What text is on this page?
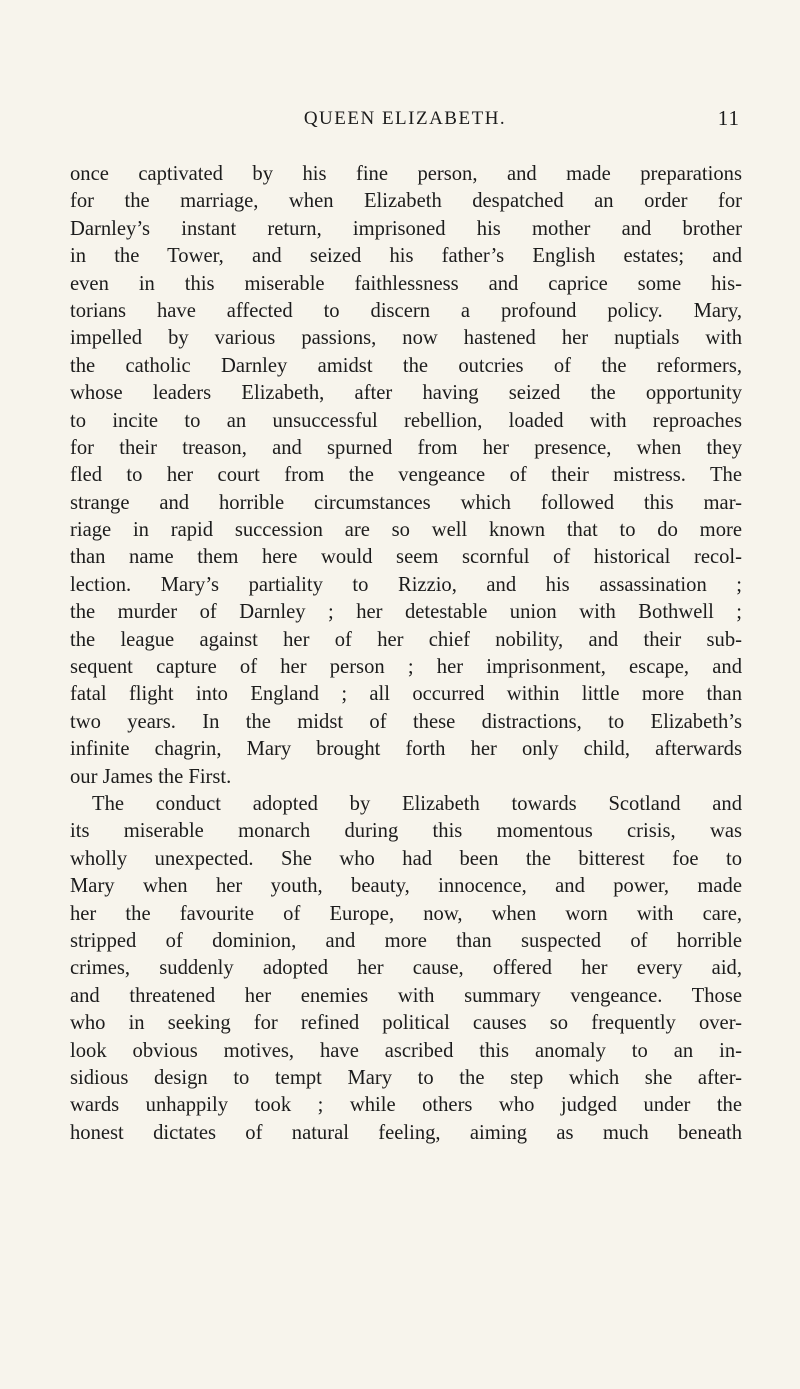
QUEEN ELIZABETH.	11
once captivated by his fine person, and made preparations
for the marriage, when Elizabeth despatched an order for
Darnley’s instant return, imprisoned his mother and brother
in the Tower, and seized his father’s English estates; and
even in this miserable faithlessness and caprice some his-
torians have affected to discern a profound policy. Mary,
impelled by various passions, now hastened her nuptials with
the catholic Darnley amidst the outcries of the reformers,
whose leaders Elizabeth, after having seized the opportunity
to incite to an unsuccessful rebellion, loaded with reproaches
for their treason, and spurned from her presence, when they
fled to her court from the vengeance of their mistress. The
strange and horrible circumstances which followed this mar-
riage in rapid succession are so well known that to do more
than name them here would seem scornful of historical recol-
lection. Mary’s partiality to Rizzio, and his assassination ;
the murder of Darnley ; her detestable union with Bothwell ;
the league against her of her chief nobility, and their sub-
sequent capture of her person ; her imprisonment, escape, and
fatal flight into England ; all occurred within little more than
two years. In the midst of these distractions, to Elizabeth’s
infinite chagrin, Mary brought forth her only child, afterwards
our James the First.
The conduct adopted by Elizabeth towards Scotland and
its miserable monarch during this momentous crisis, was
wholly unexpected. She who had been the bitterest foe to
Mary when her youth, beauty, innocence, and power, made
her the favourite of Europe, now, when worn with care,
stripped of dominion, and more than suspected of horrible
crimes, suddenly adopted her cause, offered her every aid,
and threatened her enemies with summary vengeance. Those
who in seeking for refined political causes so frequently over-
look obvious motives, have ascribed this anomaly to an in-
sidious design to tempt Mary to the step which she after-
wards unhappily took ; while others who judged under the
honest dictates of natural feeling, aiming as much beneath
